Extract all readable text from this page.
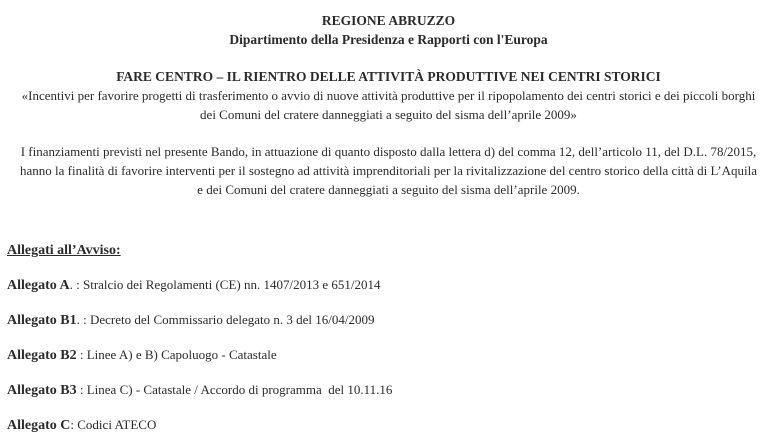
REGIONE ABRUZZO
Dipartimento della Presidenza e Rapporti con l'Europa
FARE CENTRO – IL RIENTRO DELLE ATTIVITÀ PRODUTTIVE NEI CENTRI STORICI
«Incentivi per favorire progetti di trasferimento o avvio di nuove attività produttive per il ripopolamento dei centri storici e dei piccoli borghi
dei Comuni del cratere danneggiati a seguito del sisma dell’aprile 2009»
I finanziamenti previsti nel presente Bando, in attuazione di quanto disposto dalla lettera d) del comma 12, dell’articolo 11, del D.L. 78/2015,
hanno la finalità di favorire interventi per il sostegno ad attività imprenditoriali per la rivitalizzazione del centro storico della città di L’Aquila
e dei Comuni del cratere danneggiati a seguito del sisma dell’aprile 2009.
Allegati all’Avviso:
Allegato A. : Stralcio dei Regolamenti (CE) nn. 1407/2013 e 651/2014
Allegato B1. : Decreto del Commissario delegato n. 3 del 16/04/2009
Allegato B2 : Linee A) e B) Capoluogo - Catastale
Allegato B3 : Linea C) - Catastale / Accordo di programma  del 10.11.16
Allegato C: Codici ATECO
